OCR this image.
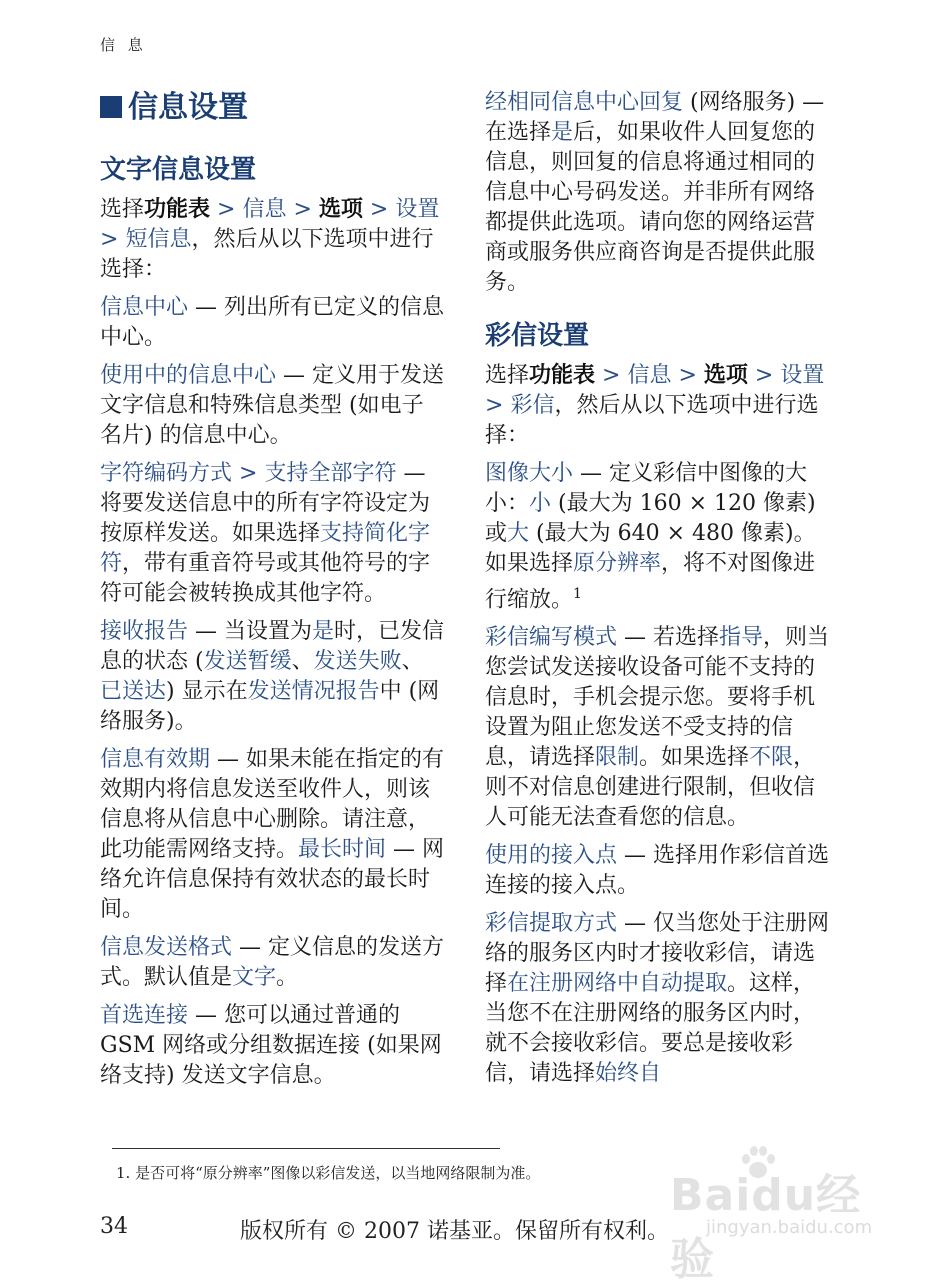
信 息
信息设置
文字信息设置

选择功能表 > 信息 > 选项 > 设置 > 短信息，然后从以下选项中进行选择：

信息中心 — 列出所有已定义的信息中心。

使用中的信息中心 — 定义用于发送文字信息和特殊信息类型 (如电子名片) 的信息中心。

字符编码方式 > 支持全部字符 — 将要发送信息中的所有字符设定为按原样发送。如果选择支持简化字符，带有重音符号或其他符号的字符可能会被转换成其他字符。

接收报告 — 当设置为是时，已发信息的状态 (发送暂缓、发送失败、已送达) 显示在发送情况报告中 (网络服务)。

信息有效期 — 如果未能在指定的有效期内将信息发送至收件人，则该信息将从信息中心删除。请注意，此功能需网络支持。最长时间 — 网络允许信息保持有效状态的最长时间。

信息发送格式 — 定义信息的发送方式。默认值是文字。

首选连接 — 您可以通过普通的 GSM 网络或分组数据连接 (如果网络支持) 发送文字信息。

经相同信息中心回复 (网络服务) — 在选择是后，如果收件人回复您的信息，则回复的信息将通过相同的信息中心号码发送。并非所有网络都提供此选项。请向您的网络运营商或服务供应商咨询是否提供此服务。

彩信设置

选择功能表 > 信息 > 选项 > 设置 > 彩信，然后从以下选项中进行选择：

图像大小 — 定义彩信中图像的大小：小 (最大为 160 × 120 像素) 或大 (最大为 640 × 480 像素)。如果选择原分辨率，将不对图像进行缩放。$^1$

彩信编写模式 — 若选择指导，则当您尝试发送接收设备可能不支持的信息时，手机会提示您。要将手机设置为阻止您发送不受支持的信息，请选择限制。如果选择不限，则不对信息创建进行限制，但收信人可能无法查看您的信息。

使用的接入点 — 选择用作彩信首选连接的接入点。

彩信提取方式 — 仅当您处于注册网络的服务区内时才接收彩信，请选择在注册网络中自动提取。这样，当您不在注册网络的服务区内时，就不会接收彩信。要总是接收彩信，请选择始终自

1. 是否可将“原分辨率”图像以彩信发送，以当地网络限制为准。
34	版权所有 © 2007 诺基亚。保留所有权利。
Baidu经验
jingyan.baidu.com
